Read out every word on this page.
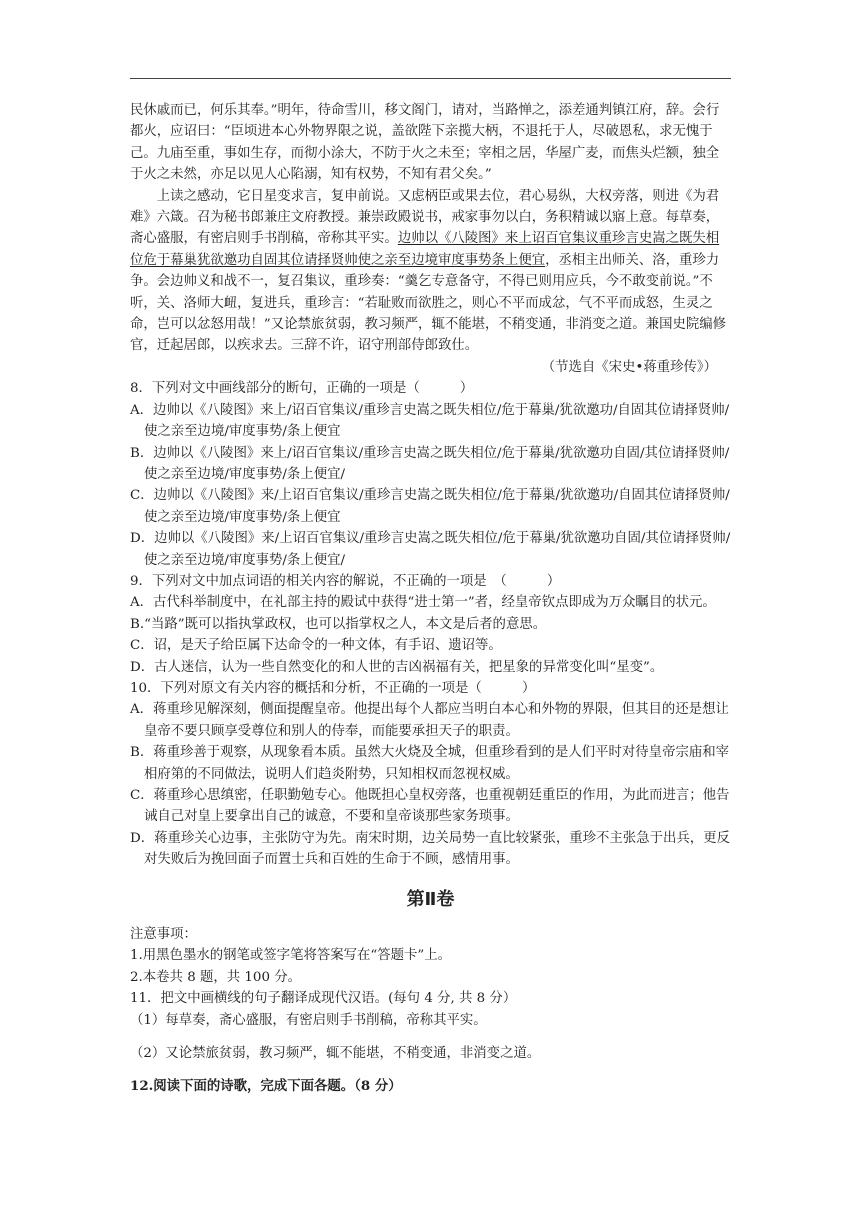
民休戚而已，何乐其奉。”明年，待命雪川，移文阁门，请对，当路惮之，添差通判镇江府，辞。会行都火，应诏曰：“臣顷进本心外物界限之说，盖欲陛下亲揽大柄，不退托于人，尽破恩私，求无愧于己。九庙至重，事如生存，而彻小涂大，不防于火之未至；宰相之居，华屋广麦，而焦头烂额，独全于火之未然，亦足以见人心陷溺，知有权势，不知有君父矣。”

上读之感动，它日星变求言，复申前说。又虑柄臣或果去位，君心易纵，大权旁落，则进《为君难》六箴。召为秘书郎兼庄文府教授。兼崇政殿说书，戒家事勿以白，务积精诚以寤上意。每草奏，斋心盛服，有密启则手书削稿，帝称其平实。边帅以《八陵图》来上诏百官集议重珍言史嵩之既失相位危于幕巢犹欲邀功自固其位请择贤帅使之亲至边境审度事势条上便宜，丞相主出师关、洛，重珍力争。会边帅义和战不一，复召集议，重珍奏：“羹乞专意备守，不得已则用应兵，今不敢变前说。”不听，关、洛师大衄，复进兵，重珍言：“若耻败而欲胜之，则心不平而成忿，气不平而成怒，生灵之命，岂可以忿怒用哉！”又论禁旅贫弱，教习频严，辄不能堪，不稍变通，非消变之道。兼国史院编修官，迁起居郎，以疾求去。三辞不许，诏守刑部侍郎致仕。

（节选自《宋史•蒋重珍传》）

8．下列对文中画线部分的断句，正确的一项是（　　　）

A．边帅以《八陵图》来上/诏百官集议/重珍言史嵩之既失相位/危于幕巢/犹欲邀功/自固其位请择贤帅/使之亲至边境/审度事势/条上便宜

B．边帅以《八陵图》来上/诏百官集议/重珍言史嵩之既失相位/危于幕巢/犹欲邀功自固/其位请择贤帅/使之亲至边境/审度事势/条上便宜/

C．边帅以《八陵图》来/上诏百官集议/重珍言史嵩之既失相位/危于幕巢/犹欲邀功/自固其位请择贤帅/使之亲至边境/审度事势/条上便宜

D．边帅以《八陵图》来/上诏百官集议/重珍言史嵩之既失相位/危于幕巢/犹欲邀功自固/其位请择贤帅/使之亲至边境/审度事势/条上便宜/

9．下列对文中加点词语的相关内容的解说，不正确的一项是　（　　　）

A．古代科举制度中，在礼部主持的殿试中获得“进士第一”者，经皇帝钦点即成为万众瞩目的状元。

B.“当路”既可以指执掌政权，也可以指掌权之人，本文是后者的意思。

C．诏，是天子给臣属下达命令的一种文体，有手诏、遗诏等。

D．古人迷信，认为一些自然变化的和人世的吉凶祸福有关，把星象的异常变化叫“星变”。

10．下列对原文有关内容的概括和分析，不正确的一项是（　　　）

A．蒋重珍见解深刻，侧面提醒皇帝。他提出每个人都应当明白本心和外物的界限，但其目的还是想让皇帝不要只顾享受尊位和别人的侍奉，而能要承担天子的职责。

B．蒋重珍善于观察，从现象看本质。虽然大火烧及全城，但重珍看到的是人们平时对待皇帝宗庙和宰相府第的不同做法，说明人们趋炎附势，只知相权而忽视权威。

C．蒋重珍心思缜密，任职勤勉专心。他既担心皇权旁落，也重视朝廷重臣的作用，为此而进言；他告诫自己对皇上要拿出自己的诚意，不要和皇帝谈那些家务琐事。

D．蒋重珍关心边事，主张防守为先。南宋时期，边关局势一直比较紧张，重珍不主张急于出兵，更反对失败后为挽回面子而置士兵和百姓的生命于不顾，感情用事。

第Ⅱ卷

注意事项：

1.用黑色墨水的钢笔或签字笔将答案写在“答题卡”上。

2.本卷共 8 题，共 100 分。

11．把文中画横线的句子翻译成现代汉语。(每句 4 分, 共 8 分）

（1）每草奏，斋心盛服，有密启则手书削稿，帝称其平实。

（2）又论禁旅贫弱，教习频严，辄不能堪，不稍变通，非消变之道。

12.阅读下面的诗歌，完成下面各题。（8 分）
